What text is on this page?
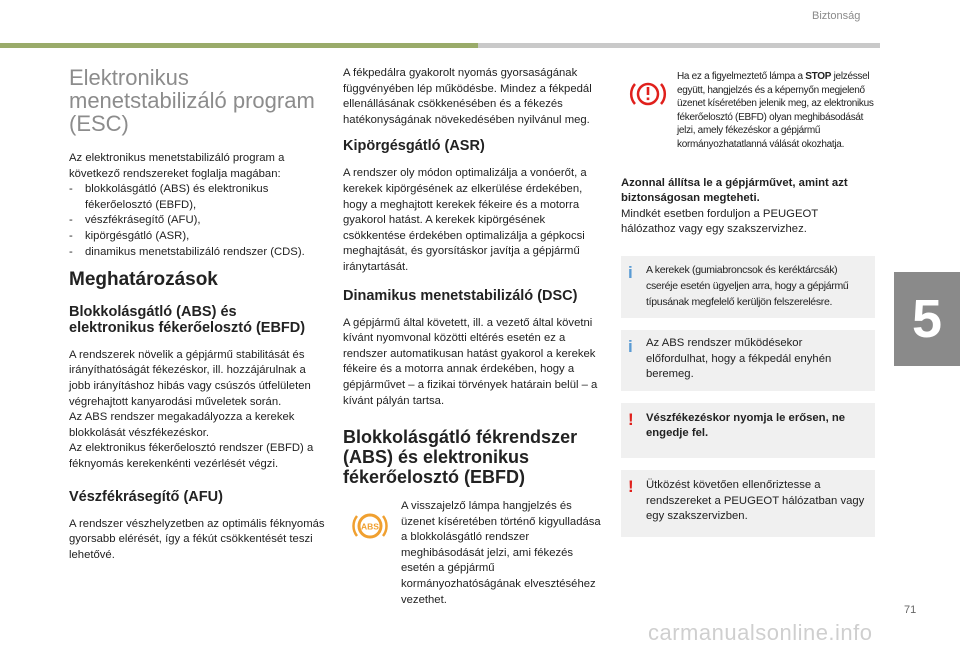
Biztonság
5
71
carmanualsonline.info
Elektronikus
menetstabilizáló program
(ESC)

Az elektronikus menetstabilizáló program a következő rendszereket foglalja magában:

- blokkolásgátló (ABS) és elektronikus fékerőelosztó (EBFD),
- vészfékrásegítő (AFU),
- kipörgésgátló (ASR),
- dinamikus menetstabilizáló rendszer (CDS).
Meghatározások
Blokkolásgátló (ABS) és elektronikus fékerőelosztó (EBFD)

A rendszerek növelik a gépjármű stabilitását és irányíthatóságát fékezéskor, ill. hozzájárulnak a jobb irányításhoz hibás vagy csúszós útfelületen végrehajtott kanyarodási műveletek során.

Az ABS rendszer megakadályozza a kerekek blokkolását vészfékezéskor.

Az elektronikus fékerőelosztó rendszer (EBFD) a féknyomás kerekenkénti vezérlését végzi.

Vészfékrásegítő (AFU)

A rendszer vészhelyzetben az optimális féknyomás gyorsabb elérését, így a fékút csökkentését teszi lehetővé.

A fékpedálra gyakorolt nyomás gyorsaságának függvényében lép működésbe. Mindez a fékpedál ellenállásának csökkenésében és a fékezés hatékonyságának növekedésében nyilvánul meg.

Kipörgésgátló (ASR)

A rendszer oly módon optimalizálja a vonóerőt, a kerekek kipörgésének az elkerülése érdekében, hogy a meghajtott kerekek fékeire és a motorra gyakorol hatást. A kerekek kipörgésének csökkentése érdekében optimalizálja a gépkocsi meghajtását, és gyorsításkor javítja a gépjármű iránytartását.

Dinamikus menetstabilizáló (DSC)

A gépjármű által követett, ill. a vezető által követni kívánt nyomvonal közötti eltérés esetén ez a rendszer automatikusan hatást gyakorol a kerekek fékeire és a motorra annak érdekében, hogy a gépjárművet – a fizikai törvények határain belül – a kívánt pályán tartsa.

Blokkolásgátló fékrendszer (ABS) és elektronikus fékerőelosztó (EBFD)
ABS

A visszajelző lámpa hangjelzés és üzenet kíséretében történő kigyulladása a blokkolásgátló rendszer meghibásodását jelzi, ami fékezés esetén a gépjármű kormányozhatóságának elvesztéséhez vezethet.

Ha ez a figyelmeztető lámpa a STOP jelzéssel együtt, hangjelzés és a képernyőn megjelenő üzenet kíséretében jelenik meg, az elektronikus fékerőelosztó (EBFD) olyan meghibásodását jelzi, amely fékezéskor a gépjármű kormányozhatatlanná válását okozhatja.

Azonnal állítsa le a gépjárművet, amint azt biztonságosan megteheti.

Mindkét esetben forduljon a PEUGEOT hálózathoz vagy egy szakszervizhez.

i A kerekek (gumiabroncsok és keréktárcsák) cseréje esetén ügyeljen arra, hogy a gépjármű típusának megfelelő kerüljön felszerelésre.

i Az ABS rendszer működésekor előfordulhat, hogy a fékpedál enyhén beremeg.

! Vészfékezéskor nyomja le erősen, ne engedje fel.

! Ütközést követően ellenőriztesse a rendszereket a PEUGEOT hálózatban vagy egy szakszervizben.
